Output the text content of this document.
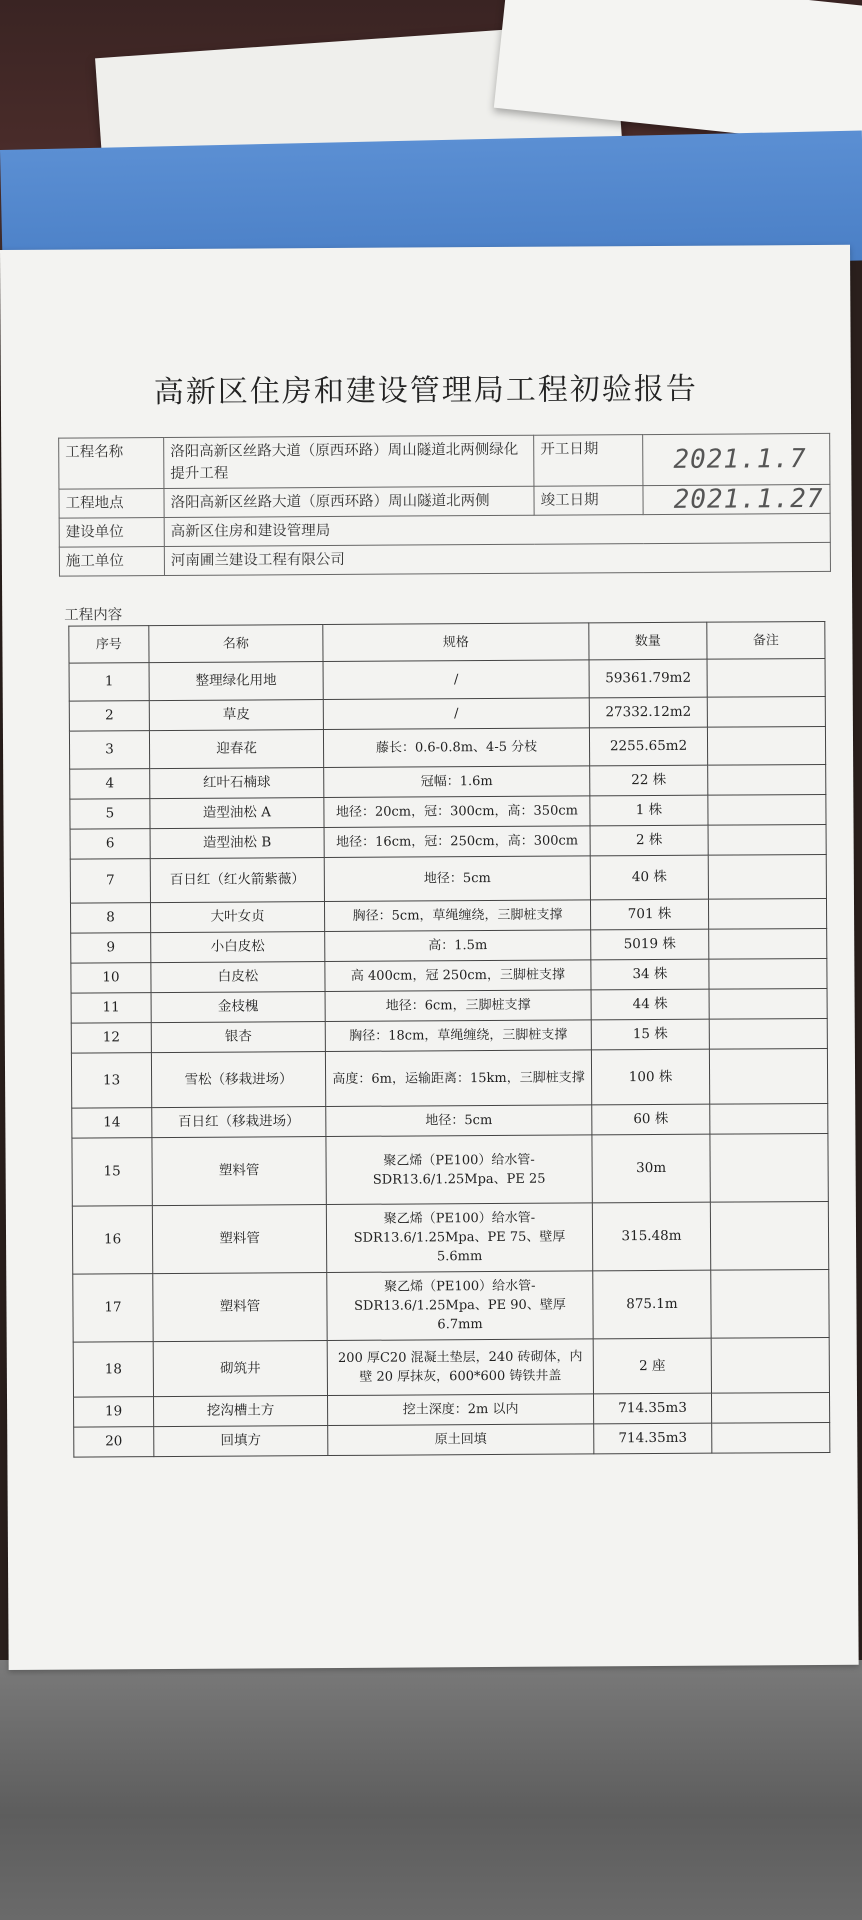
高新区住房和建设管理局工程初验报告
工程名称	洛阳高新区丝路大道（原西环路）周山隧道北两侧绿化提升工程	开工日期	2021.1.7
工程地点	洛阳高新区丝路大道（原西环路）周山隧道北两侧	竣工日期	2021.1.27
建设单位	高新区住房和建设管理局		
施工单位	河南圃兰建设工程有限公司		
工程内容
序号	名称	规格	数量	备注
1	整理绿化用地	/	59361.79m2	
2	草皮	/	27332.12m2	
3	迎春花	藤长：0.6-0.8m、4-5 分枝	2255.65m2	
4	红叶石楠球	冠幅：1.6m	22 株	
5	造型油松 A	地径：20cm，冠：300cm，高：350cm	1 株	
6	造型油松 B	地径：16cm，冠：250cm，高：300cm	2 株	
7	百日红（红火箭紫薇）	地径：5cm	40 株	
8	大叶女贞	胸径：5cm，草绳缠绕，三脚桩支撑	701 株	
9	小白皮松	高：1.5m	5019 株	
10	白皮松	高 400cm，冠 250cm，三脚桩支撑	34 株	
11	金枝槐	地径：6cm，三脚桩支撑	44 株	
12	银杏	胸径：18cm，草绳缠绕，三脚桩支撑	15 株	
13	雪松（移栽进场）	高度：6m，运输距离：15km，三脚桩支撑	100 株	
14	百日红（移栽进场）	地径：5cm	60 株	
15	塑料管	聚乙烯（PE100）给水管-SDR13.6/1.25Mpa、PE 25	30m	
16	塑料管	聚乙烯（PE100）给水管-SDR13.6/1.25Mpa、PE 75、壁厚 5.6mm	315.48m	
17	塑料管	聚乙烯（PE100）给水管-SDR13.6/1.25Mpa、PE 90、壁厚 6.7mm	875.1m	
18	砌筑井	200 厚C20 混凝土垫层，240 砖砌体，内壁 20 厚抹灰，600*600 铸铁井盖	2 座	
19	挖沟槽土方	挖土深度：2m 以内	714.35m3	
20	回填方	原土回填	714.35m3	
